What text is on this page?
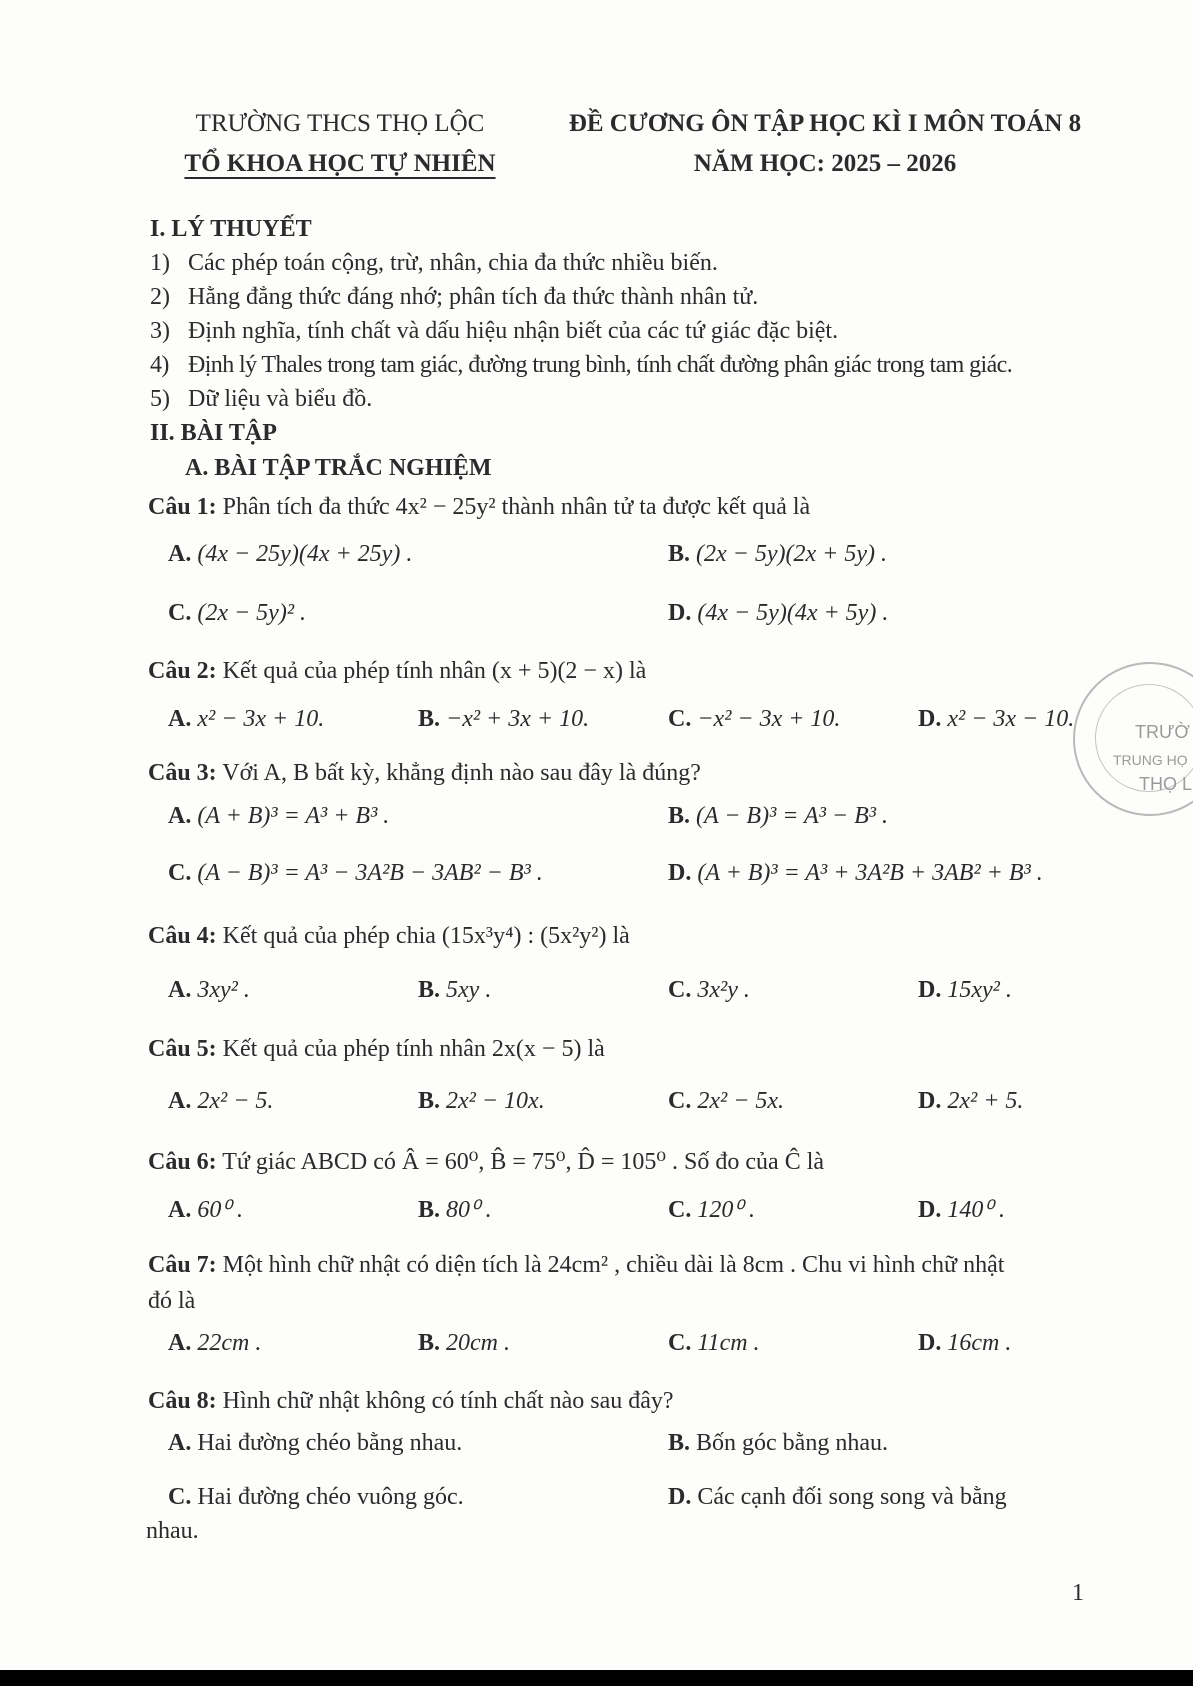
TRƯỜNG THCS THỌ LỘC
TỔ KHOA HỌC TỰ NHIÊN
ĐỀ CƯƠNG ÔN TẬP HỌC KÌ I MÔN TOÁN 8
NĂM HỌC: 2025 – 2026
I. LÝ THUYẾT
1) Các phép toán cộng, trừ, nhân, chia đa thức nhiều biến.
2) Hằng đẳng thức đáng nhớ; phân tích đa thức thành nhân tử.
3) Định nghĩa, tính chất và dấu hiệu nhận biết của các tứ giác đặc biệt.
4) Định lý Thales trong tam giác, đường trung bình, tính chất đường phân giác trong tam giác.
5) Dữ liệu và biểu đồ.
II. BÀI TẬP
A. BÀI TẬP TRẮC NGHIỆM
Câu 1: Phân tích đa thức 4x² − 25y² thành nhân tử ta được kết quả là
A. (4x − 25y)(4x + 25y) .	B. (2x − 5y)(2x + 5y) .
C. (2x − 5y)² .	D. (4x − 5y)(4x + 5y) .
Câu 2: Kết quả của phép tính nhân (x + 5)(2 − x) là
A. x² − 3x + 10.	B. −x² + 3x + 10.	C. −x² − 3x + 10.	D. x² − 3x − 10.
Câu 3: Với A, B bất kỳ, khẳng định nào sau đây là đúng?
A. (A + B)³ = A³ + B³ .	B. (A − B)³ = A³ − B³ .
C. (A − B)³ = A³ − 3A²B − 3AB² − B³ .	D. (A + B)³ = A³ + 3A²B + 3AB² + B³ .
Câu 4: Kết quả của phép chia (15x³y⁴) : (5x²y²) là
A. 3xy² .	B. 5xy .	C. 3x²y .	D. 15xy² .
Câu 5: Kết quả của phép tính nhân 2x(x − 5) là
A. 2x² − 5.	B. 2x² − 10x.	C. 2x² − 5x.	D. 2x² + 5.
Câu 6: Tứ giác ABCD có Â = 60⁰, B̂ = 75⁰, D̂ = 105⁰ . Số đo của Ĉ là
A. 60⁰ .	B. 80⁰ .	C. 120⁰ .	D. 140⁰ .
Câu 7: Một hình chữ nhật có diện tích là 24cm² , chiều dài là 8cm . Chu vi hình chữ nhật
đó là
A. 22cm .	B. 20cm .	C. 11cm .	D. 16cm .
Câu 8: Hình chữ nhật không có tính chất nào sau đây?
A. Hai đường chéo bằng nhau.	B. Bốn góc bằng nhau.
C. Hai đường chéo vuông góc.	D. Các cạnh đối song song và bằng
nhau.
TRƯỜ
TRUNG HỌ
THỌ L
1
